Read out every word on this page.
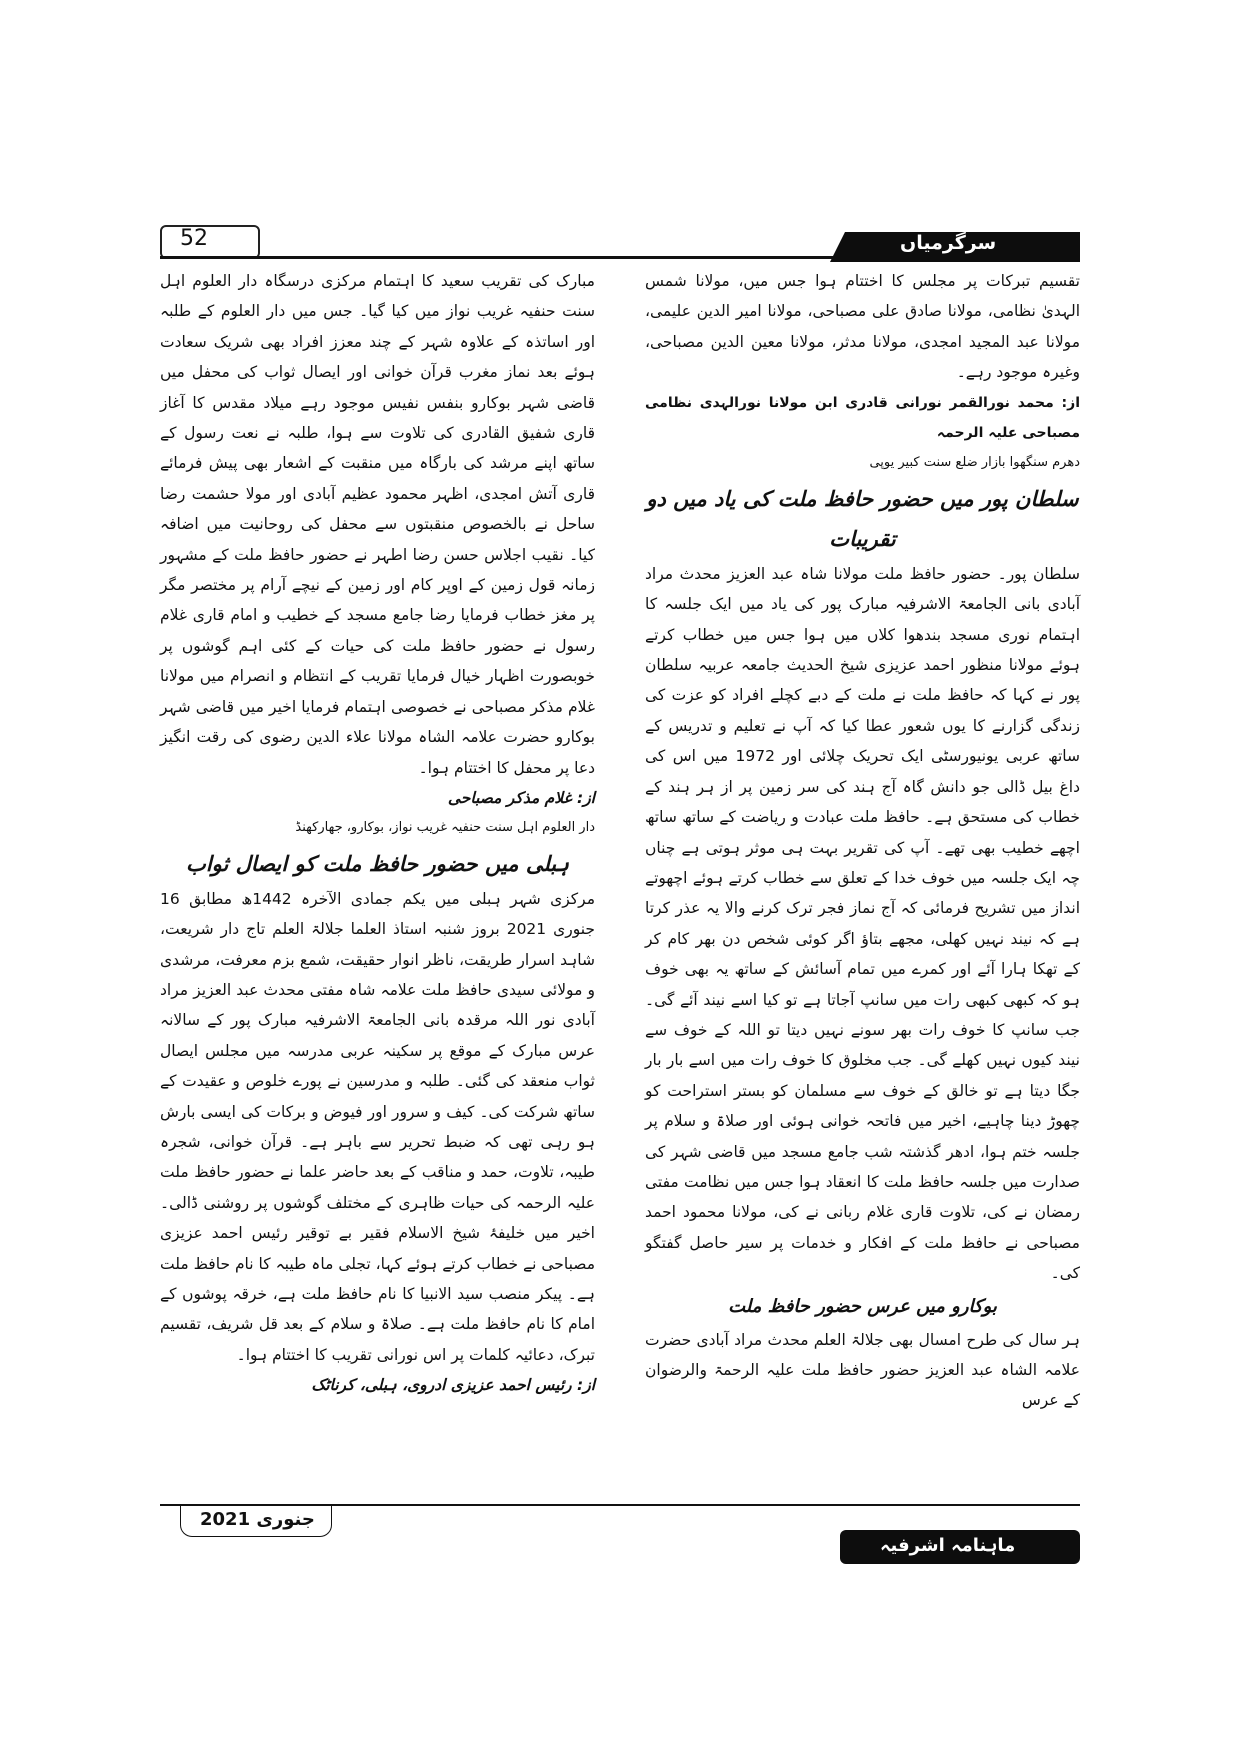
52	سرگرمیاں

تقسیم تبرکات پر مجلس کا اختتام ہوا جس میں، مولانا شمس الہدیٰ نظامی، مولانا صادق علی مصباحی، مولانا امیر الدین علیمی، مولانا عبد المجید امجدی، مولانا مدثر، مولانا معین الدین مصباحی، وغیرہ موجود رہے۔

از: محمد نورالقمر نورانی قادری ابن مولانا نورالہدی نظامی مصباحی علیہ الرحمہ

دھرم سنگھوا بازار ضلع سنت کبیر یوپی

سلطان پور میں حضور حافظ ملت کی یاد میں دو تقریبات

سلطان پور۔ حضور حافظ ملت مولانا شاہ عبد العزیز محدث مراد آبادی بانی الجامعۃ الاشرفیہ مبارک پور کی یاد میں ایک جلسہ کا اہتمام نوری مسجد بندھوا کلاں میں ہوا جس میں خطاب کرتے ہوئے مولانا منظور احمد عزیزی شیخ الحدیث جامعہ عربیہ سلطان پور نے کہا کہ حافظ ملت نے ملت کے دبے کچلے افراد کو عزت کی زندگی گزارنے کا یوں شعور عطا کیا کہ آپ نے تعلیم و تدریس کے ساتھ عربی یونیورسٹی ایک تحریک چلائی اور 1972 میں اس کی داغ بیل ڈالی جو دانش گاہ آج ہند کی سر زمین پر از ہر ہند کے خطاب کی مستحق ہے۔ حافظ ملت عبادت و ریاضت کے ساتھ ساتھ اچھے خطیب بھی تھے۔ آپ کی تقریر بہت ہی موثر ہوتی ہے چناں چہ ایک جلسہ میں خوف خدا کے تعلق سے خطاب کرتے ہوئے اچھوتے انداز میں تشریح فرمائی کہ آج نماز فجر ترک کرنے والا یہ عذر کرتا ہے کہ نیند نہیں کھلی، مجھے بتاؤ اگر کوئی شخص دن بھر کام کر کے تھکا ہارا آئے اور کمرے میں تمام آسائش کے ساتھ یہ بھی خوف ہو کہ کبھی کبھی رات میں سانپ آجاتا ہے تو کیا اسے نیند آئے گی۔ جب سانپ کا خوف رات بھر سونے نہیں دیتا تو اللہ کے خوف سے نیند کیوں نہیں کھلے گی۔ جب مخلوق کا خوف رات میں اسے بار بار جگا دیتا ہے تو خالق کے خوف سے مسلمان کو بستر استراحت کو چھوڑ دینا چاہیے، اخیر میں فاتحہ خوانی ہوئی اور صلاۃ و سلام پر جلسہ ختم ہوا، ادھر گذشتہ شب جامع مسجد میں قاضی شہر کی صدارت میں جلسہ حافظ ملت کا انعقاد ہوا جس میں نظامت مفتی رمضان نے کی، تلاوت قاری غلام ربانی نے کی، مولانا محمود احمد مصباحی نے حافظ ملت کے افکار و خدمات پر سیر حاصل گفتگو کی۔

بوکارو میں عرس حضور حافظ ملت

ہر سال کی طرح امسال بھی جلالۃ العلم محدث مراد آبادی حضرت علامہ الشاہ عبد العزیز حضور حافظ ملت علیہ الرحمۃ والرضوان کے عرس

مبارک کی تقریب سعید کا اہتمام مرکزی درسگاہ دار العلوم اہل سنت حنفیہ غریب نواز میں کیا گیا۔ جس میں دار العلوم کے طلبہ اور اساتذہ کے علاوہ شہر کے چند معزز افراد بھی شریک سعادت ہوئے بعد نماز مغرب قرآن خوانی اور ایصال ثواب کی محفل میں قاضی شہر بوکارو بنفس نفیس موجود رہے میلاد مقدس کا آغاز قاری شفیق القادری کی تلاوت سے ہوا، طلبہ نے نعت رسول کے ساتھ اپنے مرشد کی بارگاہ میں منقبت کے اشعار بھی پیش فرمائے قاری آتش امجدی، اظہر محمود عظیم آبادی اور مولا حشمت رضا ساحل نے بالخصوص منقبتوں سے محفل کی روحانیت میں اضافہ کیا۔ نقیب اجلاس حسن رضا اطہر نے حضور حافظ ملت کے مشہور زمانہ قول زمین کے اوپر کام اور زمین کے نیچے آرام پر مختصر مگر پر مغز خطاب فرمایا رضا جامع مسجد کے خطیب و امام قاری غلام رسول نے حضور حافظ ملت کی حیات کے کئی اہم گوشوں پر خوبصورت اظہار خیال فرمایا تقریب کے انتظام و انصرام میں مولانا غلام مذکر مصباحی نے خصوصی اہتمام فرمایا اخیر میں قاضی شہر بوکارو حضرت علامہ الشاہ مولانا علاء الدین رضوی کی رقت انگیز دعا پر محفل کا اختتام ہوا۔

از: غلام مذکر مصباحی

دار العلوم اہل سنت حنفیہ غریب نواز، بوکارو، جھارکھنڈ

ہبلی میں حضور حافظ ملت کو ایصال ثواب

مرکزی شہر ہبلی میں یکم جمادی الآخرہ 1442ھ مطابق 16 جنوری 2021 بروز شنبہ استاذ العلما جلالۃ العلم تاج دار شریعت، شاہد اسرار طریقت، ناظر انوار حقیقت، شمع بزم معرفت، مرشدی و مولائی سیدی حافظ ملت علامہ شاہ مفتی محدث عبد العزیز مراد آبادی نور اللہ مرقدہ بانی الجامعۃ الاشرفیہ مبارک پور کے سالانہ عرس مبارک کے موقع پر سکینہ عربی مدرسہ میں مجلس ایصال ثواب منعقد کی گئی۔ طلبہ و مدرسین نے پورے خلوص و عقیدت کے ساتھ شرکت کی۔ کیف و سرور اور فیوض و برکات کی ایسی بارش ہو رہی تھی کہ ضبط تحریر سے باہر ہے۔ قرآن خوانی، شجرہ طیبہ، تلاوت، حمد و مناقب کے بعد حاضر علما نے حضور حافظ ملت علیہ الرحمہ کی حیات ظاہری کے مختلف گوشوں پر روشنی ڈالی۔ اخیر میں خلیفۂ شیخ الاسلام فقیر بے توقیر رئیس احمد عزیزی مصباحی نے خطاب کرتے ہوئے کہا، تجلی ماہ طیبہ کا نام حافظ ملت ہے۔ پیکر منصب سید الانبیا کا نام حافظ ملت ہے، خرقہ پوشوں کے امام کا نام حافظ ملت ہے۔ صلاۃ و سلام کے بعد قل شریف، تقسیم تبرک، دعائیہ کلمات پر اس نورانی تقریب کا اختتام ہوا۔

از: رئیس احمد عزیزی ادروی، ہبلی، کرناٹک

جنوری 2021
ماہنامہ اشرفیہ
